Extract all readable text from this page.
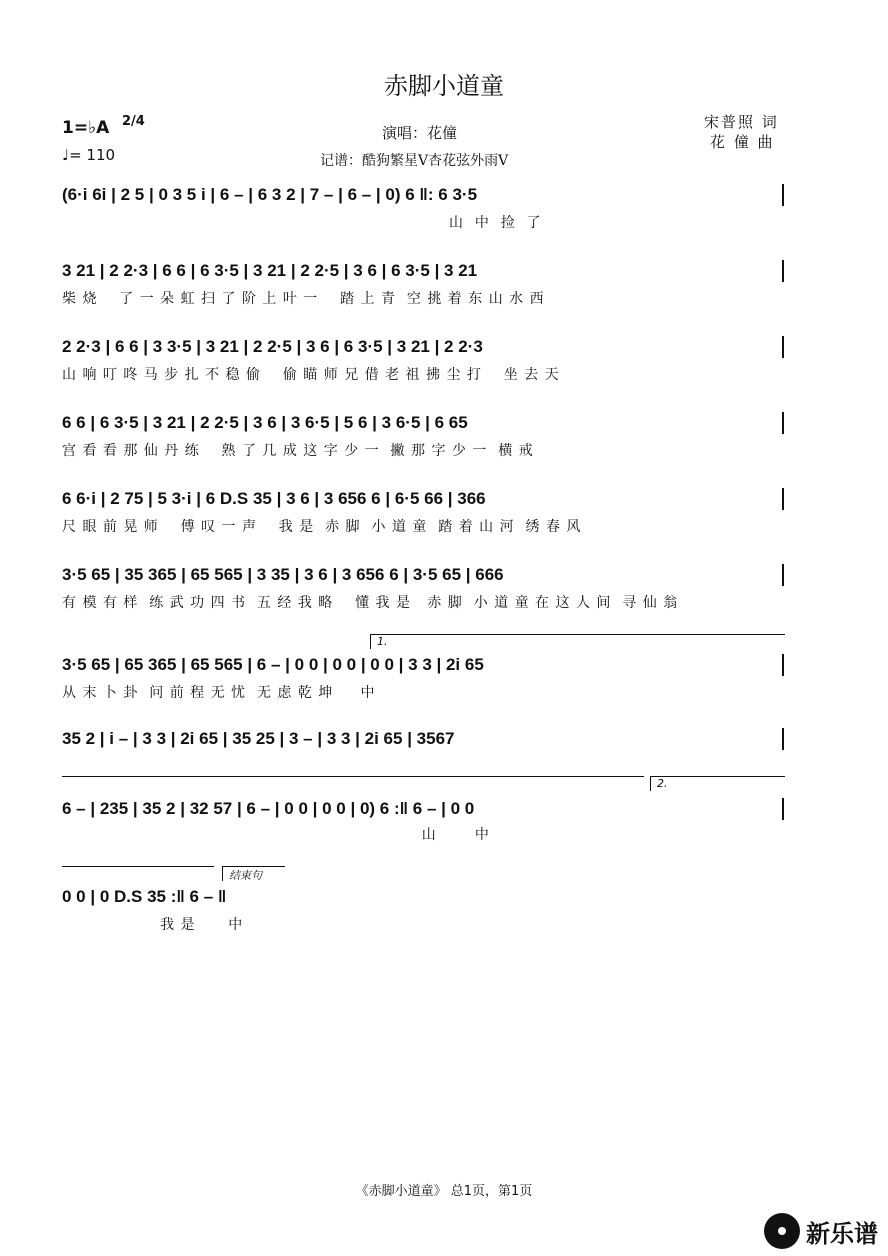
赤脚小道童
1=♭A 2/4
♩= 110
演唱：花僮
记谱：酷狗繁星V杏花弦外雨V
宋普照 词
花 僮 曲
(6·i 6i | 2 5 | 0 3 5 i | 6 – | 6 3 2 | 7 – | 6 – | 0) 6 ‖: 6 3·5
山  中  捡  了
3 21 | 2 2·3 | 6 6 | 6 3·5 | 3 21 | 2 2·5 | 3 6 | 6 3·5 | 3 21
柴 烧    了 一 朵 虹 扫 了 阶 上 叶 一    踏 上 青  空 挑 着 东 山 水 西
2 2·3 | 6 6 | 3 3·5 | 3 21 | 2 2·5 | 3 6 | 6 3·5 | 3 21 | 2 2·3
山 响 叮 咚 马 步 扎 不 稳 偷    偷 瞄 师 兄 借 老 祖 拂 尘 打    坐 去 天
6 6 | 6 3·5 | 3 21 | 2 2·5 | 3 6 | 3 6·5 | 5 6 | 3 6·5 | 6 65
宫 看 看 那 仙 丹 练    熟 了 几 成 这 字 少 一  撇 那 字 少 一  横 戒
6 6·i | 2 75 | 5 3·i | 6 D.S 35 | 3 6 | 3 656 6 | 6·5 66 | 366
尺 眼 前 晃 师    傅 叹 一 声    我 是  赤 脚  小 道 童  踏 着 山 河  绣 春 风
3·5 65 | 35 365 | 65 565 | 3 35 | 3 6 | 3 656 6 | 3·5 65 | 666
有 模 有 样  练 武 功 四 书  五 经 我 略    懂 我 是   赤 脚  小 道 童 在 这 人 间  寻 仙 翁
1.
3·5 65 | 65 365 | 65 565 | 6 – | 0 0 | 0 0 | 0 0 | 3 3 | 2i 65
从 末 卜 卦  问 前 程 无 忧  无 虑 乾 坤     中
35 2 | i – | 3 3 | 2i 65 | 35 25 | 3 – | 3 3 | 2i 65 | 3567
2.
6 – | 235 | 35 2 | 32 57 | 6 – | 0 0 | 0 0 | 0) 6 :‖ 6 – | 0 0
山       中
结束句
0 0 | 0 D.S 35 :‖ 6 – ‖
我 是      中
《赤脚小道童》 总1页，第1页
新乐谱
